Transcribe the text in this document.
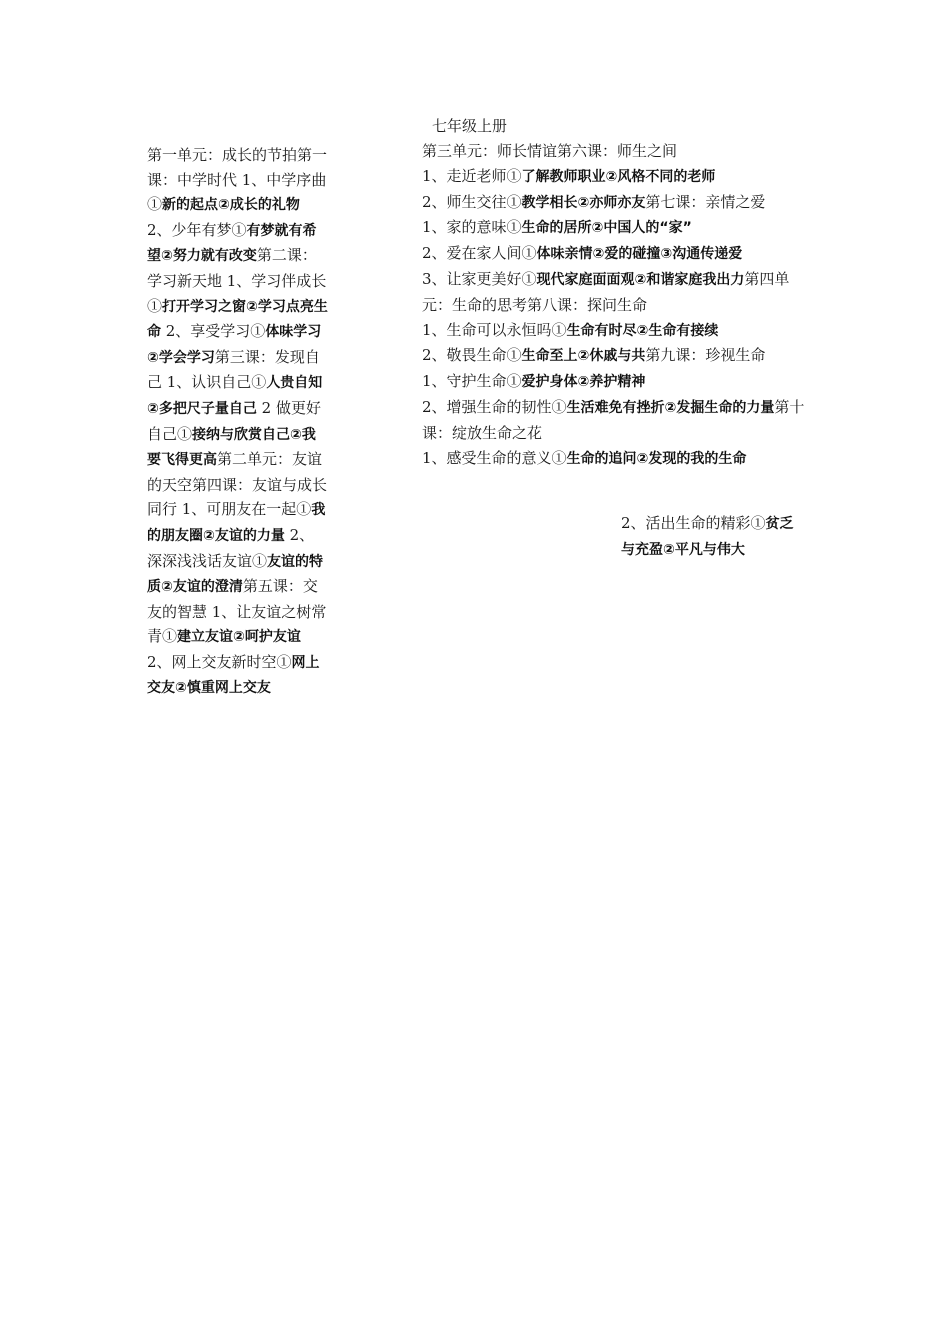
七年级上册
第一单元：成长的节拍第一课：中学时代 1、中学序曲①新的起点②成长的礼物 2、少年有梦①有梦就有希望②努力就有改变第二课：学习新天地 1、学习伴成长①打开学习之窗②学习点亮生命 2、享受学习①体味学习②学会学习第三课：发现自己 1、认识自己①人贵自知②多把尺子量自己 2 做更好自己①接纳与欣赏自己②我要飞得更高第二单元：友谊的天空第四课：友谊与成长同行 1、可朋友在一起①我的朋友圈②友谊的力量 2、深深浅浅话友谊①友谊的特质②友谊的澄清第五课：交友的智慧 1、让友谊之树常青①建立友谊②呵护友谊 2、网上交友新时空①网上交友②慎重网上交友
第三单元：师长情谊第六课：师生之间
1、走近老师①了解教师职业②风格不同的老师
2、师生交往①教学相长②亦师亦友第七课：亲情之爱
1、家的意味①生命的居所②中国人的“家”
2、爱在家人间①体味亲情②爱的碰撞③沟通传递爱
3、让家更美好①现代家庭面面观②和谐家庭我出力第四单元：生命的思考第八课：探问生命
1、生命可以永恒吗①生命有时尽②生命有接续
2、敬畏生命①生命至上②休戚与共第九课：珍视生命
1、守护生命①爱护身体②养护精神
2、增强生命的韧性①生活难免有挫折②发掘生命的力量第十课：绽放生命之花
1、感受生命的意义①生命的追问②发现的我的生命
2、活出生命的精彩①贫乏与充盈②平凡与伟大
